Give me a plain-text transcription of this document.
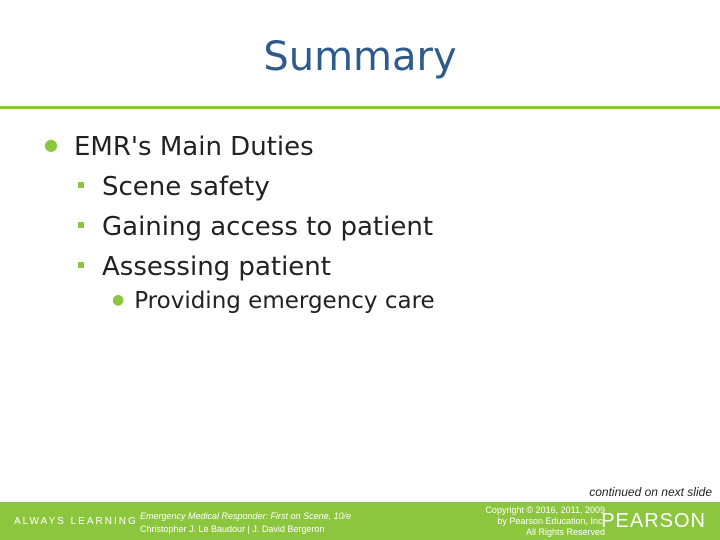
Summary
● EMR's Main Duties
Scene safety
Gaining access to patient
Assessing patient
● Providing emergency care
continued on next slide
ALWAYS LEARNING Emergency Medical Responder: First on Scene, 10/e
Christopher J. Le Baudour | J. David Bergeron
Copyright © 2016, 2011, 2009
by Pearson Education, Inc.
All Rights Reserved
PEARSON
